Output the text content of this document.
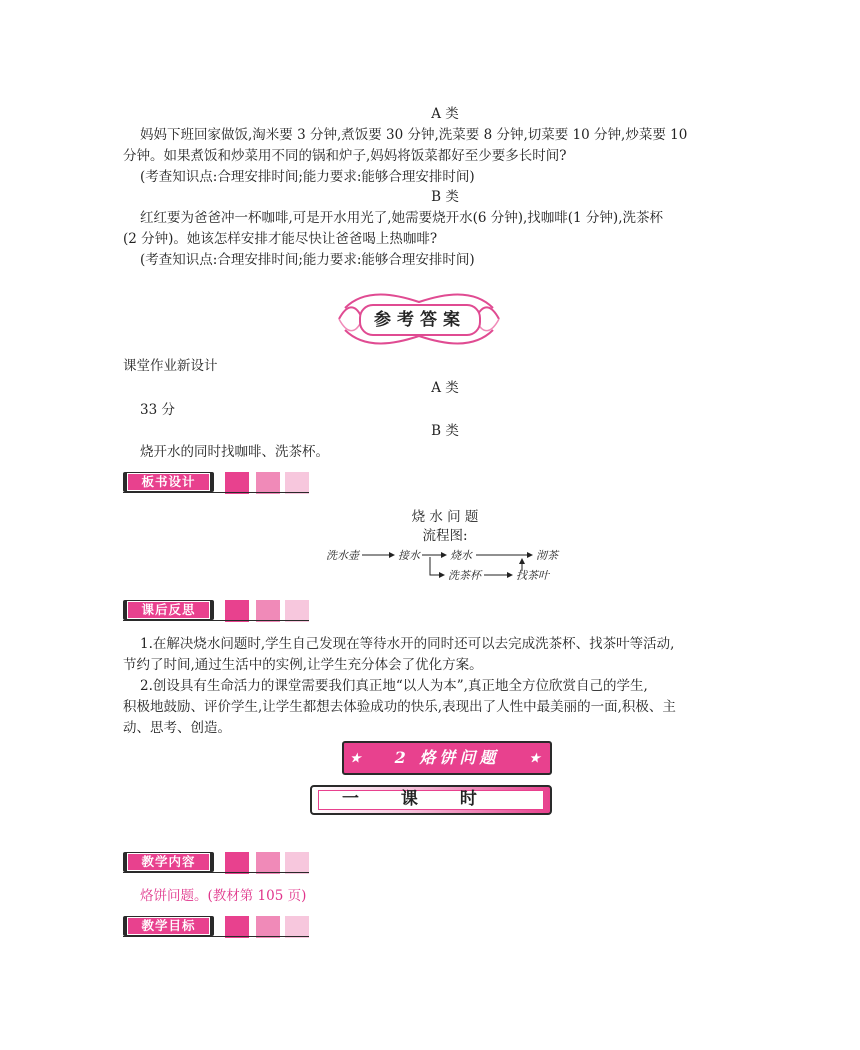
A 类
妈妈下班回家做饭,淘米要 3 分钟,煮饭要 30 分钟,洗菜要 8 分钟,切菜要 10 分钟,炒菜要 10
分钟。如果煮饭和炒菜用不同的锅和炉子,妈妈将饭菜都好至少要多长时间?
(考查知识点:合理安排时间;能力要求:能够合理安排时间)
B 类
红红要为爸爸冲一杯咖啡,可是开水用光了,她需要烧开水(6 分钟),找咖啡(1 分钟),洗茶杯
(2 分钟)。她该怎样安排才能尽快让爸爸喝上热咖啡?
(考查知识点:合理安排时间;能力要求:能够合理安排时间)
参考答案
课堂作业新设计
A 类
33 分
B 类
烧开水的同时找咖啡、洗茶杯。
板书设计
烧 水 问 题
流程图:
洗水壶	接水	烧水	沏茶
洗茶杯	找茶叶
课后反思
1.在解决烧水问题时,学生自己发现在等待水开的同时还可以去完成洗茶杯、找茶叶等活动,
节约了时间,通过生活中的实例,让学生充分体会了优化方案。
2.创设具有生命活力的课堂需要我们真正地“以人为本”,真正地全方位欣赏自己的学生,
积极地鼓励、评价学生,让学生都想去体验成功的快乐,表现出了人性中最美丽的一面,积极、主
动、思考、创造。
★ 2 烙饼问题 ★
一 课 时
教学内容
烙饼问题。(教材第 105 页)
教学目标
